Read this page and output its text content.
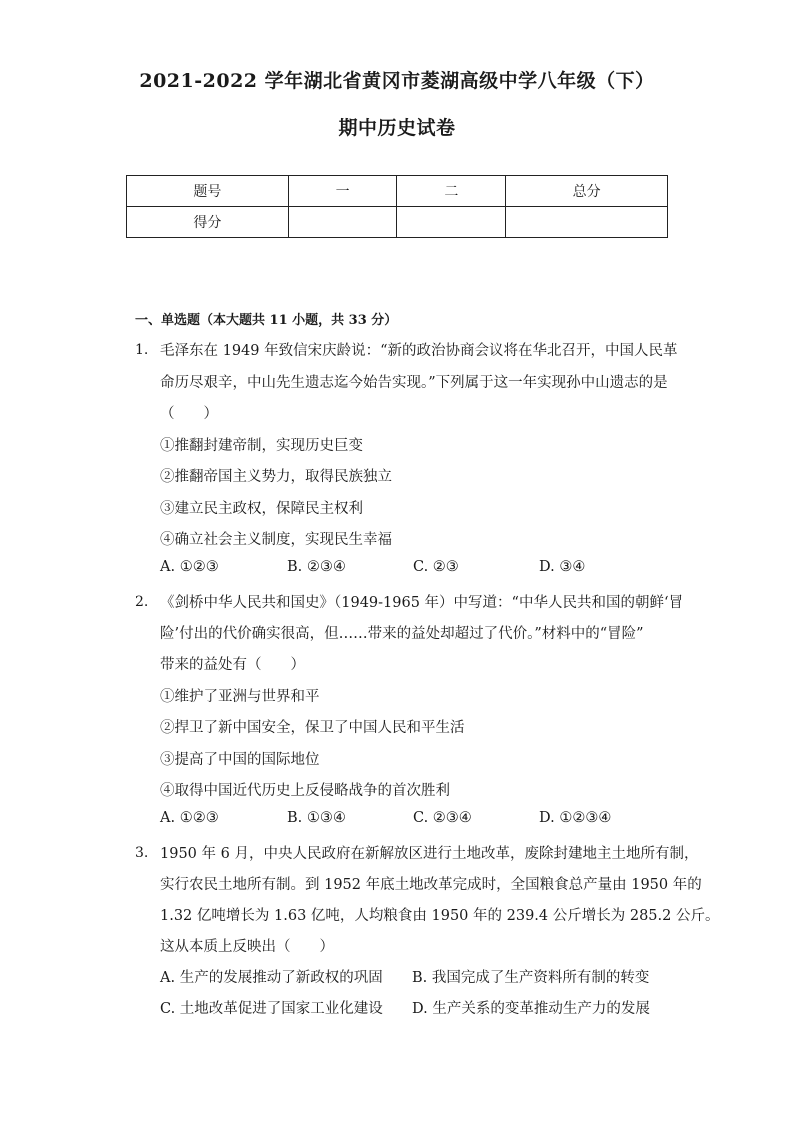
2021-2022 学年湖北省黄冈市菱湖高级中学八年级（下）
期中历史试卷
题号	一	二	总分
得分			
一、单选题（本大题共 11 小题，共 33 分）
1. 毛泽东在 1949 年致信宋庆龄说：“新的政治协商会议将在华北召开，中国人民革
命历尽艰辛，中山先生遗志迄今始告实现。”下列属于这一年实现孙中山遗志的是
（　　）
①推翻封建帝制，实现历史巨变
②推翻帝国主义势力，取得民族独立
③建立民主政权，保障民主权利
④确立社会主义制度，实现民生幸福
A. ①②③	B. ②③④	C. ②③	D. ③④
2. 《剑桥中华人民共和国史》（1949-1965 年）中写道：“中华人民共和国的朝鲜‘冒
险’付出的代价确实很高，但……带来的益处却超过了代价。”材料中的“冒险”
带来的益处有（　　）
①维护了亚洲与世界和平
②捍卫了新中国安全，保卫了中国人民和平生活
③提高了中国的国际地位
④取得中国近代历史上反侵略战争的首次胜利
A. ①②③	B. ①③④	C. ②③④	D. ①②③④
3. 1950 年 6 月，中央人民政府在新解放区进行土地改革，废除封建地主土地所有制，
实行农民土地所有制。到 1952 年底土地改革完成时，全国粮食总产量由 1950 年的
1.32 亿吨增长为 1.63 亿吨，人均粮食由 1950 年的 239.4 公斤增长为 285.2 公斤。
这从本质上反映出（　　）
A. 生产的发展推动了新政权的巩固 B. 我国完成了生产资料所有制的转变
C. 土地改革促进了国家工业化建设 D. 生产关系的变革推动生产力的发展
